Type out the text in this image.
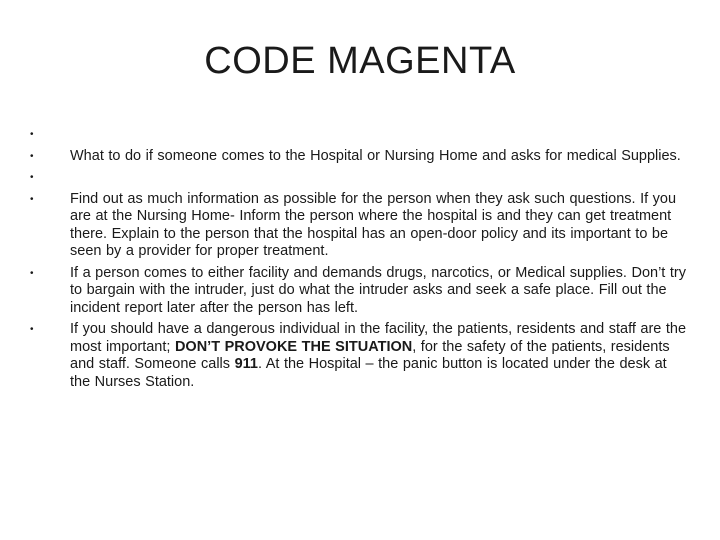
CODE MAGENTA
•
•	What to do if someone comes to the Hospital or Nursing Home and asks for medical Supplies.
•
•	Find out as much information as possible for the person when they ask such questions. If you are at the Nursing Home- Inform the person where the hospital is and they can get treatment there. Explain to the person that the hospital has an open-door policy and its important to be seen by a provider for proper treatment.
•	If a person comes to either facility and demands drugs, narcotics, or Medical supplies. Don’t try to bargain with the intruder, just do what the intruder asks and seek a safe place. Fill out the incident report later after the person has left.
•	If you should have a dangerous individual in the facility, the patients, residents and staff are the most important; DON’T PROVOKE THE SITUATION, for the safety of the patients, residents and staff. Someone calls 911. At the Hospital – the panic button is located under the desk at the Nurses Station.
